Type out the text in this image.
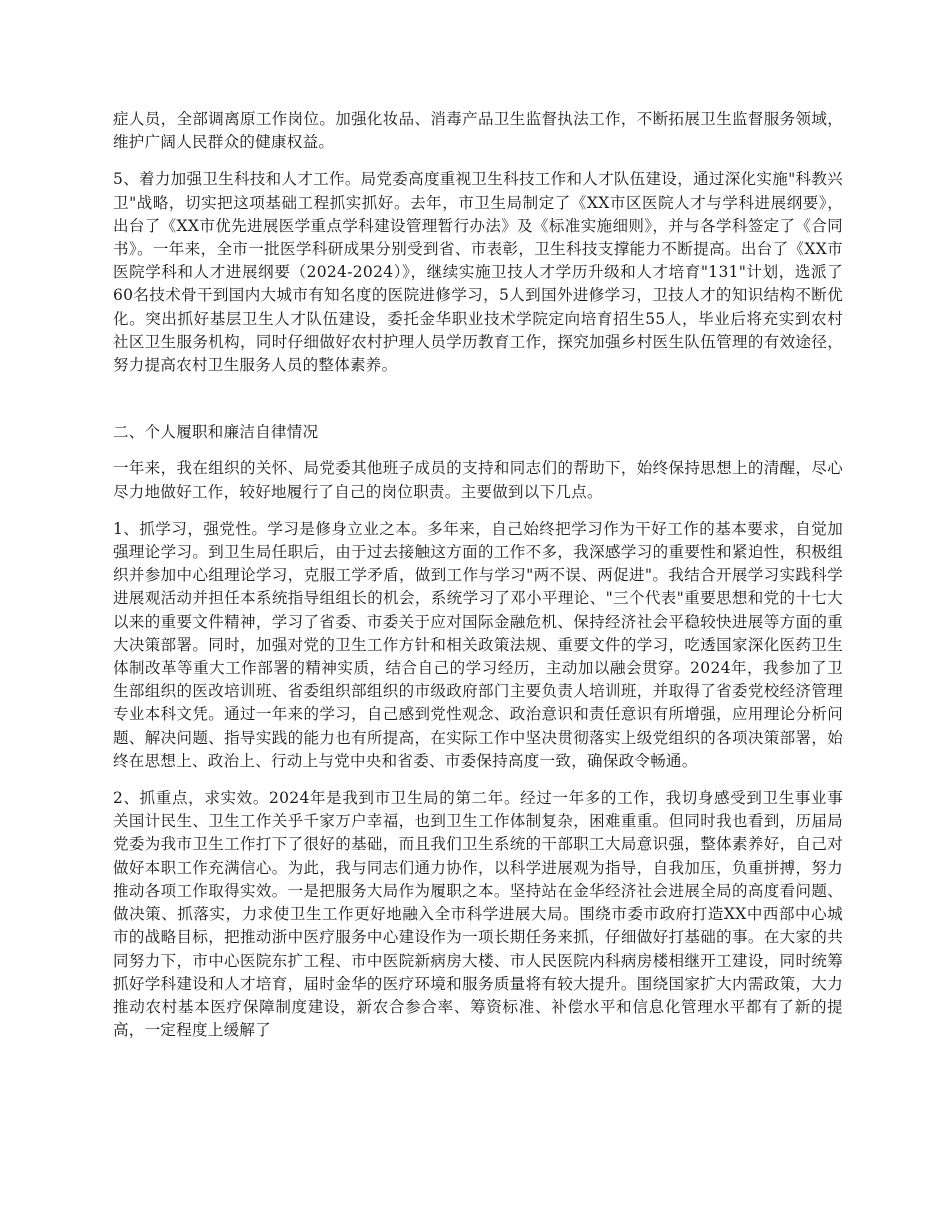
症人员，全部调离原工作岗位。加强化妆品、消毒产品卫生监督执法工作，不断拓展卫生监督服务领域，维护广阔人民群众的健康权益。

5、着力加强卫生科技和人才工作。局党委高度重视卫生科技工作和人才队伍建设，通过深化实施"科教兴卫"战略，切实把这项基础工程抓实抓好。去年，市卫生局制定了《XX市区医院人才与学科进展纲要》，出台了《XX市优先进展医学重点学科建设管理暂行办法》及《标准实施细则》，并与各学科签定了《合同书》。一年来，全市一批医学科研成果分别受到省、市表彰，卫生科技支撑能力不断提高。出台了《XX市医院学科和人才进展纲要（2024-2024）》，继续实施卫技人才学历升级和人才培育"131"计划，选派了60名技术骨干到国内大城市有知名度的医院进修学习，5人到国外进修学习，卫技人才的知识结构不断优化。突出抓好基层卫生人才队伍建设，委托金华职业技术学院定向培育招生55人，毕业后将充实到农村社区卫生服务机构，同时仔细做好农村护理人员学历教育工作，探究加强乡村医生队伍管理的有效途径，努力提高农村卫生服务人员的整体素养。

二、个人履职和廉洁自律情况

一年来，我在组织的关怀、局党委其他班子成员的支持和同志们的帮助下，始终保持思想上的清醒，尽心尽力地做好工作，较好地履行了自己的岗位职责。主要做到以下几点。

1、抓学习，强党性。学习是修身立业之本。多年来，自己始终把学习作为干好工作的基本要求，自觉加强理论学习。到卫生局任职后，由于过去接触这方面的工作不多，我深感学习的重要性和紧迫性，积极组织并参加中心组理论学习，克服工学矛盾，做到工作与学习"两不误、两促进"。我结合开展学习实践科学进展观活动并担任本系统指导组组长的机会，系统学习了邓小平理论、"三个代表"重要思想和党的十七大以来的重要文件精神，学习了省委、市委关于应对国际金融危机、保持经济社会平稳较快进展等方面的重大决策部署。同时，加强对党的卫生工作方针和相关政策法规、重要文件的学习，吃透国家深化医药卫生体制改革等重大工作部署的精神实质，结合自己的学习经历，主动加以融会贯穿。2024年，我参加了卫生部组织的医改培训班、省委组织部组织的市级政府部门主要负责人培训班，并取得了省委党校经济管理专业本科文凭。通过一年来的学习，自己感到党性观念、政治意识和责任意识有所增强，应用理论分析问题、解决问题、指导实践的能力也有所提高，在实际工作中坚决贯彻落实上级党组织的各项决策部署，始终在思想上、政治上、行动上与党中央和省委、市委保持高度一致，确保政令畅通。

2、抓重点，求实效。2024年是我到市卫生局的第二年。经过一年多的工作，我切身感受到卫生事业事关国计民生、卫生工作关乎千家万户幸福，也到卫生工作体制复杂，困难重重。但同时我也看到，历届局党委为我市卫生工作打下了很好的基础，而且我们卫生系统的干部职工大局意识强，整体素养好，自己对做好本职工作充满信心。为此，我与同志们通力协作，以科学进展观为指导，自我加压，负重拼搏，努力推动各项工作取得实效。一是把服务大局作为履职之本。坚持站在金华经济社会进展全局的高度看问题、做决策、抓落实，力求使卫生工作更好地融入全市科学进展大局。围绕市委市政府打造XX中西部中心城市的战略目标，把推动浙中医疗服务中心建设作为一项长期任务来抓，仔细做好打基础的事。在大家的共同努力下，市中心医院东扩工程、市中医院新病房大楼、市人民医院内科病房楼相继开工建设，同时统筹抓好学科建设和人才培育，届时金华的医疗环境和服务质量将有较大提升。围绕国家扩大内需政策，大力推动农村基本医疗保障制度建设，新农合参合率、筹资标准、补偿水平和信息化管理水平都有了新的提高，一定程度上缓解了
